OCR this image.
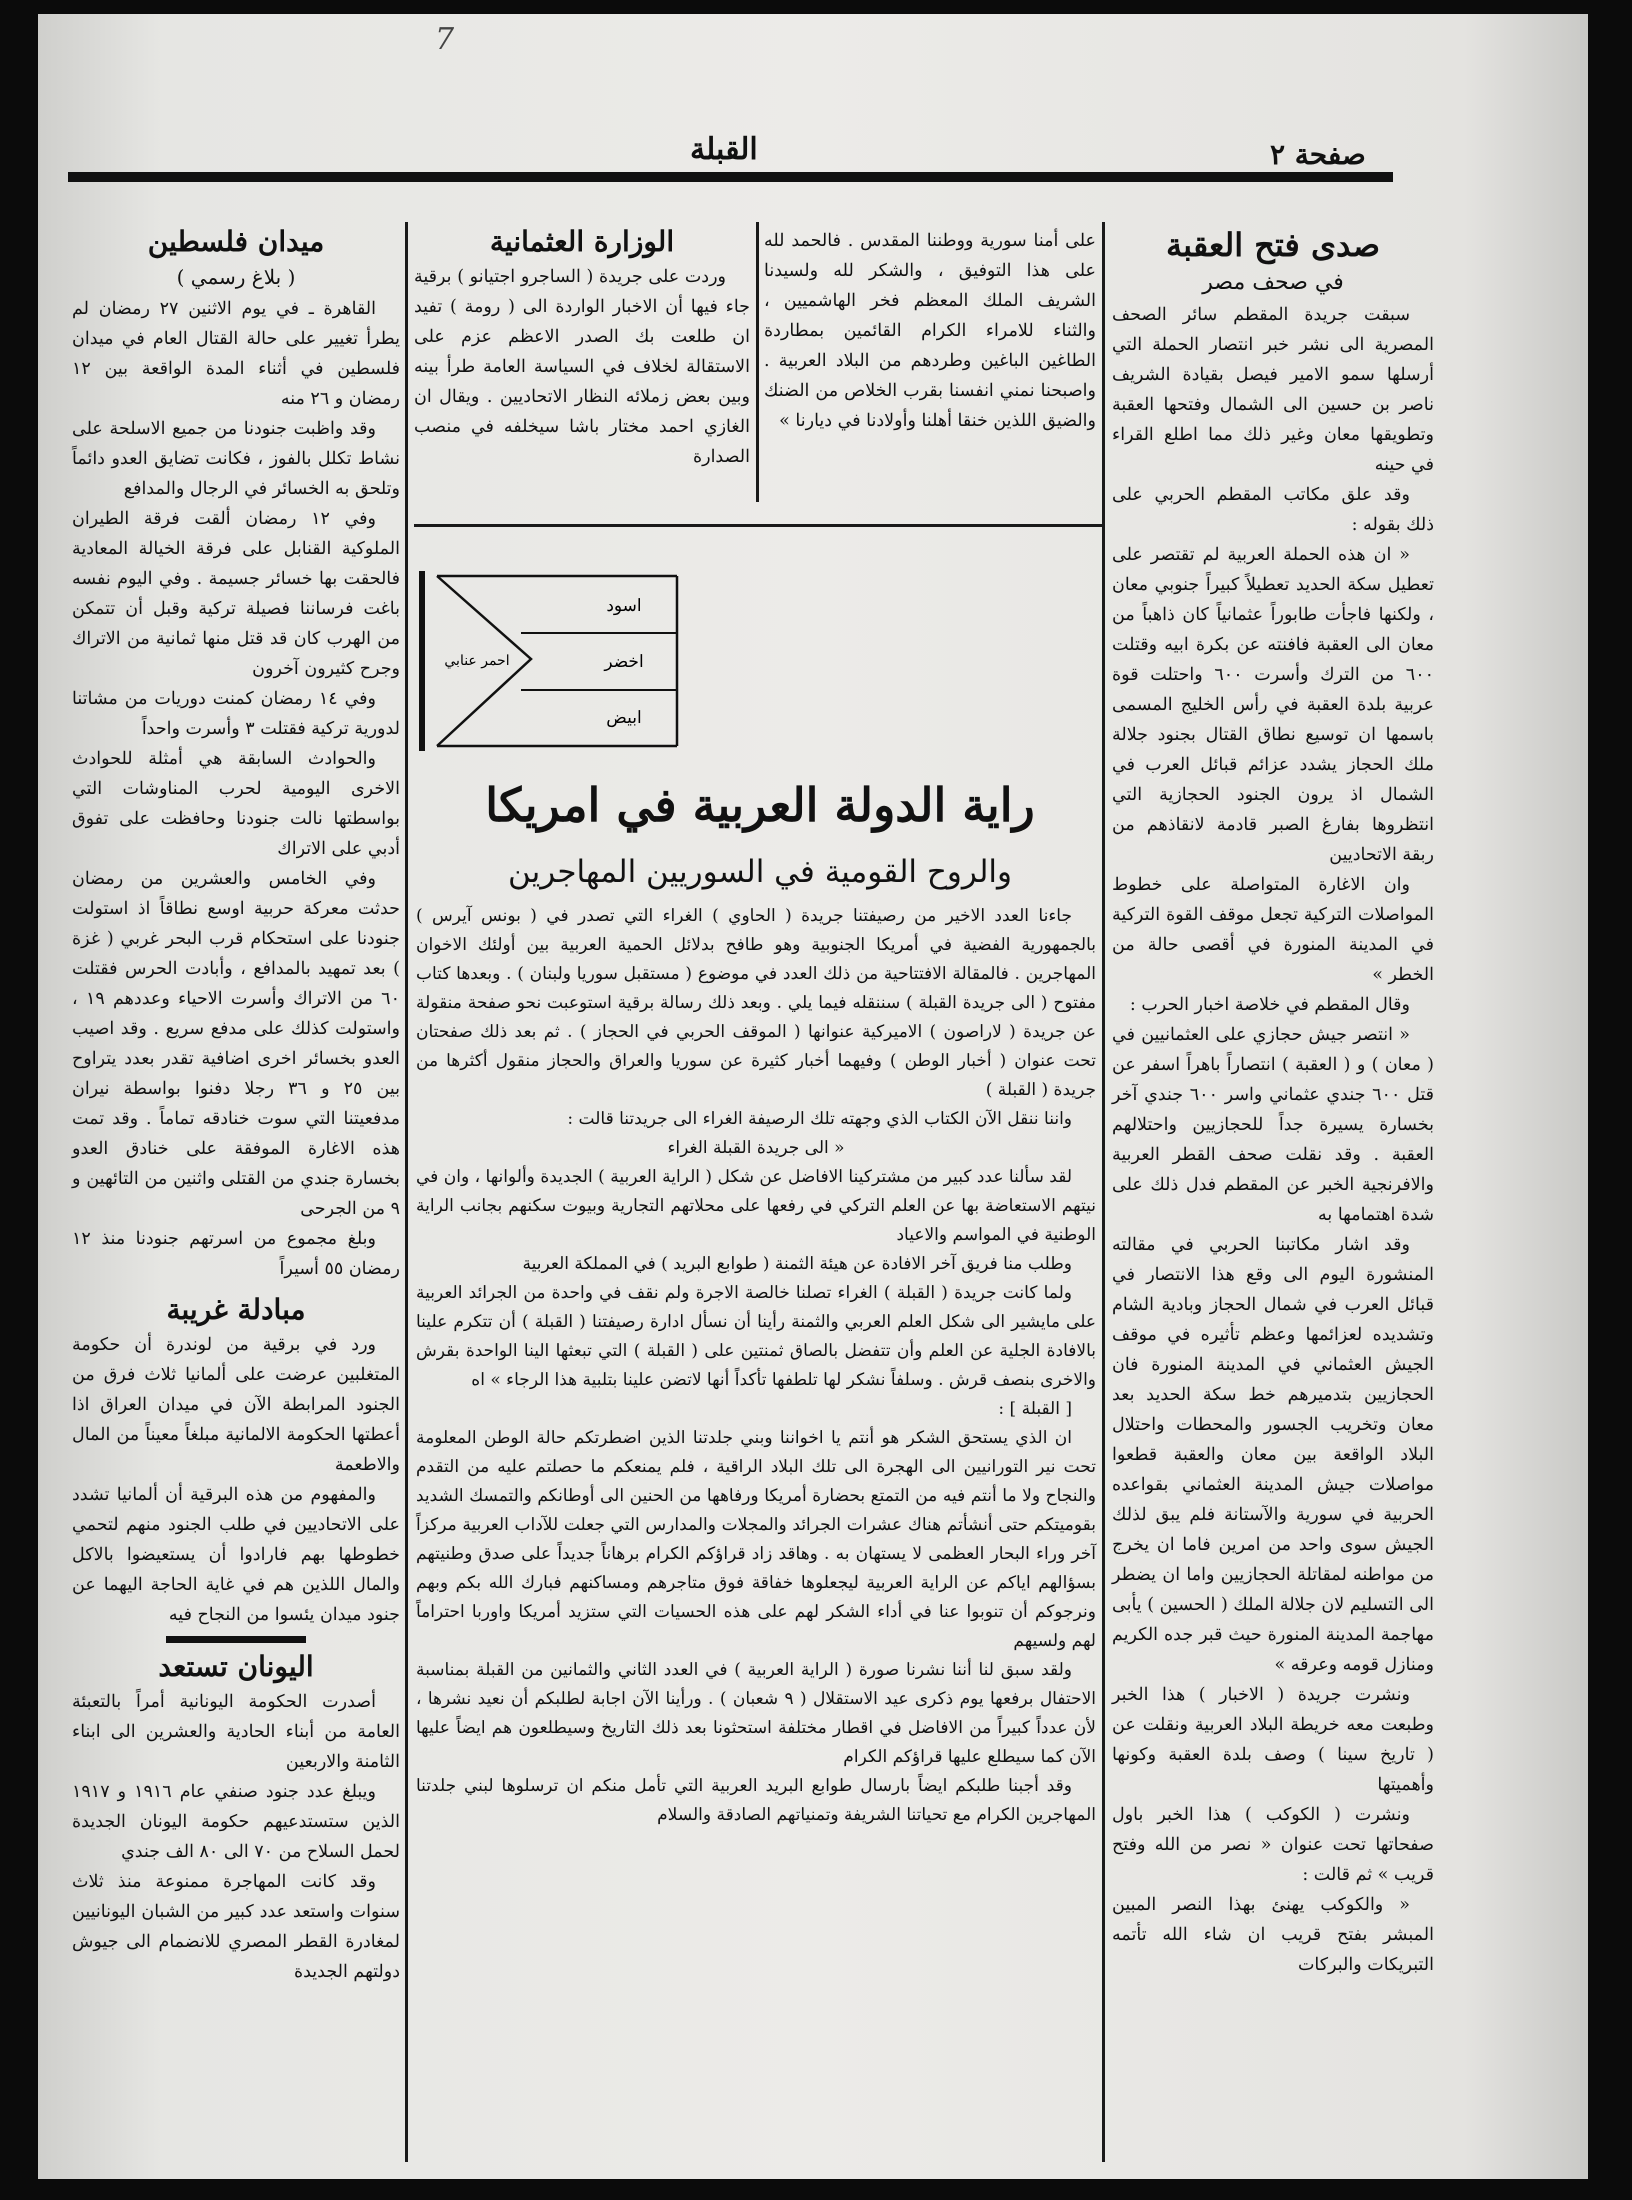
7
صفحة ٢
القبلة
صدى فتح العقبة
في صحف مصر

سبقت جريدة المقطم سائر الصحف المصرية الى نشر خبر انتصار الحملة التي أرسلها سمو الامير فيصل بقيادة الشريف ناصر بن حسين الى الشمال وفتحها العقبة وتطويقها معان وغير ذلك مما اطلع القراء في حينه

وقد علق مكاتب المقطم الحربي على ذلك بقوله :

« ان هذه الحملة العربية لم تقتصر على تعطيل سكة الحديد تعطيلاً كبيراً جنوبي معان ، ولكنها فاجأت طابوراً عثمانياً كان ذاهباً من معان الى العقبة فافنته عن بكرة ابيه وقتلت ٦٠٠ من الترك وأسرت ٦٠٠ واحتلت قوة عربية بلدة العقبة في رأس الخليج المسمى باسمها ان توسيع نطاق القتال بجنود جلالة ملك الحجاز يشدد عزائم قبائل العرب في الشمال اذ يرون الجنود الحجازية التي انتظروها بفارغ الصبر قادمة لانقاذهم من ربقة الاتحاديين

وان الاغارة المتواصلة على خطوط المواصلات التركية تجعل موقف القوة التركية في المدينة المنورة في أقصى حالة من الخطر »

وقال المقطم في خلاصة اخبار الحرب :

« انتصر جيش حجازي على العثمانيين في ( معان ) و ( العقبة ) انتصاراً باهراً اسفر عن قتل ٦٠٠ جندي عثماني واسر ٦٠٠ جندي آخر بخسارة يسيرة جداً للحجازيين واحتلالهم العقبة . وقد نقلت صحف القطر العربية والافرنجية الخبر عن المقطم فدل ذلك على شدة اهتمامها به

وقد اشار مكاتبنا الحربي في مقالته المنشورة اليوم الى وقع هذا الانتصار في قبائل العرب في شمال الحجاز وبادية الشام وتشديده لعزائمها وعظم تأثيره في موقف الجيش العثماني في المدينة المنورة فان الحجازيين بتدميرهم خط سكة الحديد بعد معان وتخريب الجسور والمحطات واحتلال البلاد الواقعة بين معان والعقبة قطعوا مواصلات جيش المدينة العثماني بقواعده الحربية في سورية والآستانة فلم يبق لذلك الجيش سوى واحد من امرين فاما ان يخرج من مواطنه لمقاتلة الحجازيين واما ان يضطر الى التسليم لان جلالة الملك ( الحسين ) يأبى مهاجمة المدينة المنورة حيث قبر جده الكريم ومنازل قومه وعرقه »

ونشرت جريدة ( الاخبار ) هذا الخبر وطبعت معه خريطة البلاد العربية ونقلت عن ( تاريخ سينا ) وصف بلدة العقبة وكونها وأهميتها

ونشرت ( الكوكب ) هذا الخبر باول صفحاتها تحت عنوان « نصر من الله وفتح قريب » ثم قالت :

« والكوكب يهنئ بهذا النصر المبين المبشر بفتح قريب ان شاء الله تأتمه التبريكات والبركات

على أمنا سورية ووطننا المقدس . فالحمد لله على هذا التوفيق ، والشكر لله ولسيدنا الشريف الملك المعظم فخر الهاشميين ، والثناء للامراء الكرام القائمين بمطاردة الطاغين الباغين وطردهم من البلاد العربية . واصبحنا نمني انفسنا بقرب الخلاص من الضنك والضيق اللذين خنقا أهلنا وأولادنا في ديارنا »

الوزارة العثمانية

وردت على جريدة ( الساجرو اجتيانو ) برقية جاء فيها أن الاخبار الواردة الى ( رومة ) تفيد ان طلعت بك الصدر الاعظم عزم على الاستقالة لخلاف في السياسة العامة طرأ بينه وبين بعض زملائه النظار الاتحاديين . ويقال ان الغازي احمد مختار باشا سيخلفه في منصب الصدارة

اسود
اخضر
ابيض
احمر عنابي
راية الدولة العربية في امريكا
والروح القومية في السوريين المهاجرين

جاءنا العدد الاخير من رصيفتنا جريدة ( الحاوي ) الغراء التي تصدر في ( بونس آيرس ) بالجمهورية الفضية في أمريكا الجنوبية وهو طافح بدلائل الحمية العربية بين أولئك الاخوان المهاجرين . فالمقالة الافتتاحية من ذلك العدد في موضوع ( مستقبل سوريا ولبنان ) . وبعدها كتاب مفتوح ( الى جريدة القبلة ) سننقله فيما يلي . وبعد ذلك رسالة برقية استوعبت نحو صفحة منقولة عن جريدة ( لاراصون ) الاميركية عنوانها ( الموقف الحربي في الحجاز ) . ثم بعد ذلك صفحتان تحت عنوان ( أخبار الوطن ) وفيهما أخبار كثيرة عن سوريا والعراق والحجاز منقول أكثرها من جريدة ( القبلة )

واننا ننقل الآن الكتاب الذي وجهته تلك الرصيفة الغراء الى جريدتنا قالت :

« الى جريدة القبلة الغراء

لقد سألنا عدد كبير من مشتركينا الافاضل عن شكل ( الراية العربية ) الجديدة وألوانها ، وان في نيتهم الاستعاضة بها عن العلم التركي في رفعها على محلاتهم التجارية وبيوت سكنهم بجانب الراية الوطنية في المواسم والاعياد

وطلب منا فريق آخر الافادة عن هيئة الثمنة ( طوابع البريد ) في المملكة العربية

ولما كانت جريدة ( القبلة ) الغراء تصلنا خالصة الاجرة ولم نقف في واحدة من الجرائد العربية على مايشير الى شكل العلم العربي والثمنة رأينا أن نسأل ادارة رصيفتنا ( القبلة ) أن تتكرم علينا بالافادة الجلية عن العلم وأن تتفضل بالصاق ثمنتين على ( القبلة ) التي تبعثها الينا الواحدة بقرش والاخرى بنصف قرش . وسلفاً نشكر لها تلطفها تأكداً أنها لاتضن علينا بتلبية هذا الرجاء » اه

[ القبلة ] :

ان الذي يستحق الشكر هو أنتم يا اخواننا وبني جلدتنا الذين اضطرتكم حالة الوطن المعلومة تحت نير التورانيين الى الهجرة الى تلك البلاد الراقية ، فلم يمنعكم ما حصلتم عليه من التقدم والنجاح ولا ما أنتم فيه من التمتع بحضارة أمريكا ورفاهها من الحنين الى أوطانكم والتمسك الشديد بقوميتكم حتى أنشأتم هناك عشرات الجرائد والمجلات والمدارس التي جعلت للآداب العربية مركزاً آخر وراء البحار العظمى لا يستهان به . وهاقد زاد قراؤكم الكرام برهاناً جديداً على صدق وطنيتهم بسؤالهم اياكم عن الراية العربية ليجعلوها خفاقة فوق متاجرهم ومساكنهم فبارك الله بكم وبهم ونرجوكم أن تنوبوا عنا في أداء الشكر لهم على هذه الحسيات التي ستزيد أمريكا واوربا احتراماً لهم ولسيهم

ولقد سبق لنا أننا نشرنا صورة ( الراية العربية ) في العدد الثاني والثمانين من القبلة بمناسبة الاحتفال برفعها يوم ذكرى عيد الاستقلال ( ٩ شعبان ) . ورأينا الآن اجابة لطلبكم أن نعيد نشرها ، لأن عدداً كبيراً من الافاضل في اقطار مختلفة استحثونا بعد ذلك التاريخ وسيطلعون هم ايضاً عليها الآن كما سيطلع عليها قراؤكم الكرام

وقد أجبنا طلبكم ايضاً بارسال طوابع البريد العربية التي تأمل منكم ان ترسلوها لبني جلدتنا المهاجرين الكرام مع تحياتنا الشريفة وتمنياتهم الصادقة والسلام

ميدان فلسطين
( بلاغ رسمي )

القاهرة ـ في يوم الاثنين ٢٧ رمضان لم يطرأ تغيير على حالة القتال العام في ميدان فلسطين في أثناء المدة الواقعة بين ١٢ رمضان و ٢٦ منه

وقد واظبت جنودنا من جميع الاسلحة على نشاط تكلل بالفوز ، فكانت تضايق العدو دائماً وتلحق به الخسائر في الرجال والمدافع

وفي ١٢ رمضان ألقت فرقة الطيران الملوكية القنابل على فرقة الخيالة المعادية فالحقت بها خسائر جسيمة . وفي اليوم نفسه باغت فرساننا فصيلة تركية وقبل أن تتمكن من الهرب كان قد قتل منها ثمانية من الاتراك وجرح كثيرون آخرون

وفي ١٤ رمضان كمنت دوريات من مشاتنا لدورية تركية فقتلت ٣ وأسرت واحداً

والحوادث السابقة هي أمثلة للحوادث الاخرى اليومية لحرب المناوشات التي بواسطتها نالت جنودنا وحافظت على تفوق أدبي على الاتراك

وفي الخامس والعشرين من رمضان حدثت معركة حربية اوسع نطاقاً اذ استولت جنودنا على استحكام قرب البحر غربي ( غزة ) بعد تمهيد بالمدافع ، وأبادت الحرس فقتلت ٦٠ من الاتراك وأسرت الاحياء وعددهم ١٩ ، واستولت كذلك على مدفع سريع . وقد اصيب العدو بخسائر اخرى اضافية تقدر بعدد يتراوح بين ٢٥ و ٣٦ رجلا دفنوا بواسطة نيران مدفعيتنا التي سوت خنادقه تماماً . وقد تمت هذه الاغارة الموفقة على خنادق العدو بخسارة جندي من القتلى واثنين من التائهين و ٩ من الجرحى

وبلغ مجموع من اسرتهم جنودنا منذ ١٢ رمضان ٥٥ أسيراً

مبادلة غريبة

ورد في برقية من لوندرة أن حكومة المتغلبين عرضت على ألمانيا ثلاث فرق من الجنود المرابطة الآن في ميدان العراق اذا أعطتها الحكومة الالمانية مبلغاً معيناً من المال والاطعمة

والمفهوم من هذه البرقية أن ألمانيا تشدد على الاتحاديين في طلب الجنود منهم لتحمي خطوطها بهم فارادوا أن يستعيضوا بالاكل والمال اللذين هم في غاية الحاجة اليهما عن جنود ميدان يئسوا من النجاح فيه

اليونان تستعد

أصدرت الحكومة اليونانية أمراً بالتعبئة العامة من أبناء الحادية والعشرين الى ابناء الثامنة والاربعين

ويبلغ عدد جنود صنفي عام ١٩١٦ و ١٩١٧ الذين ستستدعيهم حكومة اليونان الجديدة لحمل السلاح من ٧٠ الى ٨٠ الف جندي

وقد كانت المهاجرة ممنوعة منذ ثلاث سنوات واستعد عدد كبير من الشبان اليونانيين لمغادرة القطر المصري للانضمام الى جيوش دولتهم الجديدة
